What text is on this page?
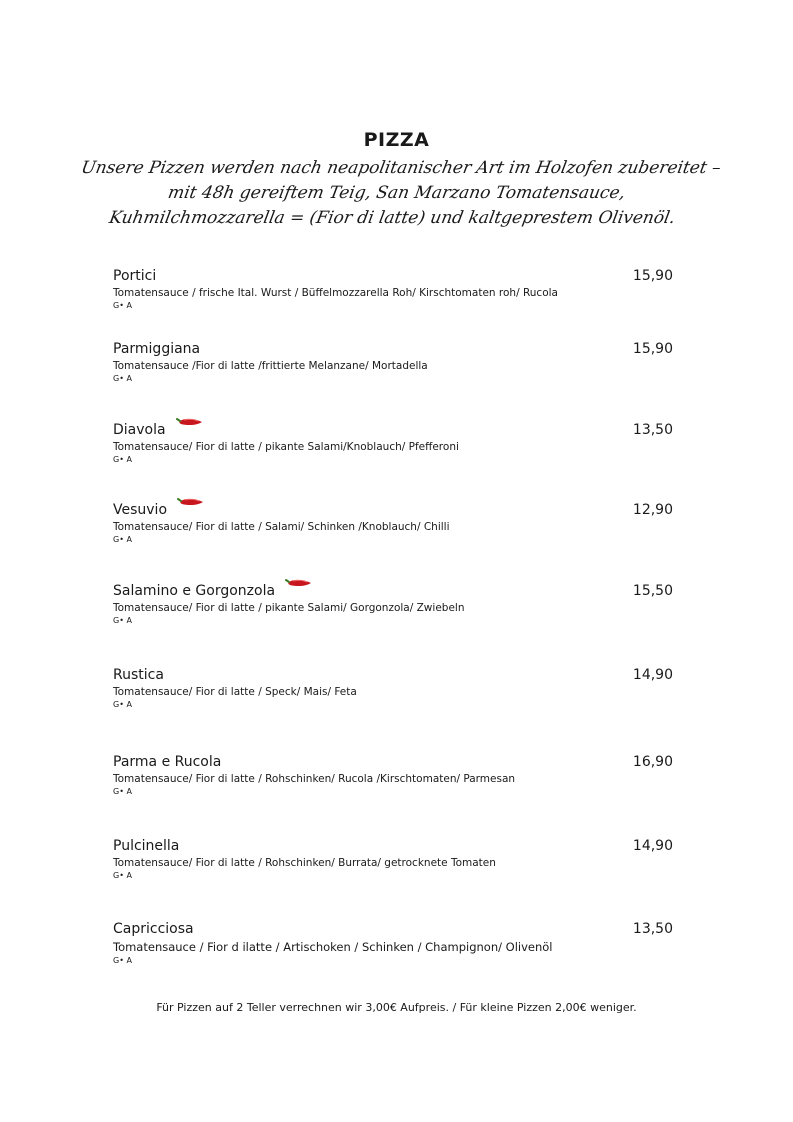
PIZZA
Unsere Pizzen werden nach neapolitanischer Art im Holzofen zubereitet –
mit 48h gereiftem Teig, San Marzano Tomatensauce,
Kuhmilchmozzarella = (Fior di latte) und kaltgeprestem Olivenöl.
Portici	15,90
Tomatensauce / frische Ital. Wurst / Büffelmozzarella Roh/ Kirschtomaten roh/ Rucola
G• A
Parmiggiana	15,90
Tomatensauce /Fior di latte /frittierte Melanzane/ Mortadella
G• A
Diavola	13,50
Tomatensauce/ Fior di latte / pikante Salami/Knoblauch/ Pfefferoni
G• A
Vesuvio	12,90
Tomatensauce/ Fior di latte / Salami/ Schinken /Knoblauch/ Chilli
G• A
Salamino e Gorgonzola	15,50
Tomatensauce/ Fior di latte / pikante Salami/ Gorgonzola/ Zwiebeln
G• A
Rustica	14,90
Tomatensauce/ Fior di latte / Speck/ Mais/ Feta
G• A
Parma e Rucola	16,90
Tomatensauce/ Fior di latte / Rohschinken/ Rucola /Kirschtomaten/ Parmesan
G• A
Pulcinella	14,90
Tomatensauce/ Fior di latte / Rohschinken/ Burrata/ getrocknete Tomaten
G• A
Capricciosa	13,50
Tomatensauce / Fior d ilatte / Artischoken / Schinken / Champignon/ Olivenöl
G• A
Für Pizzen auf 2 Teller verrechnen wir 3,00€ Aufpreis. / Für kleine Pizzen 2,00€ weniger.
